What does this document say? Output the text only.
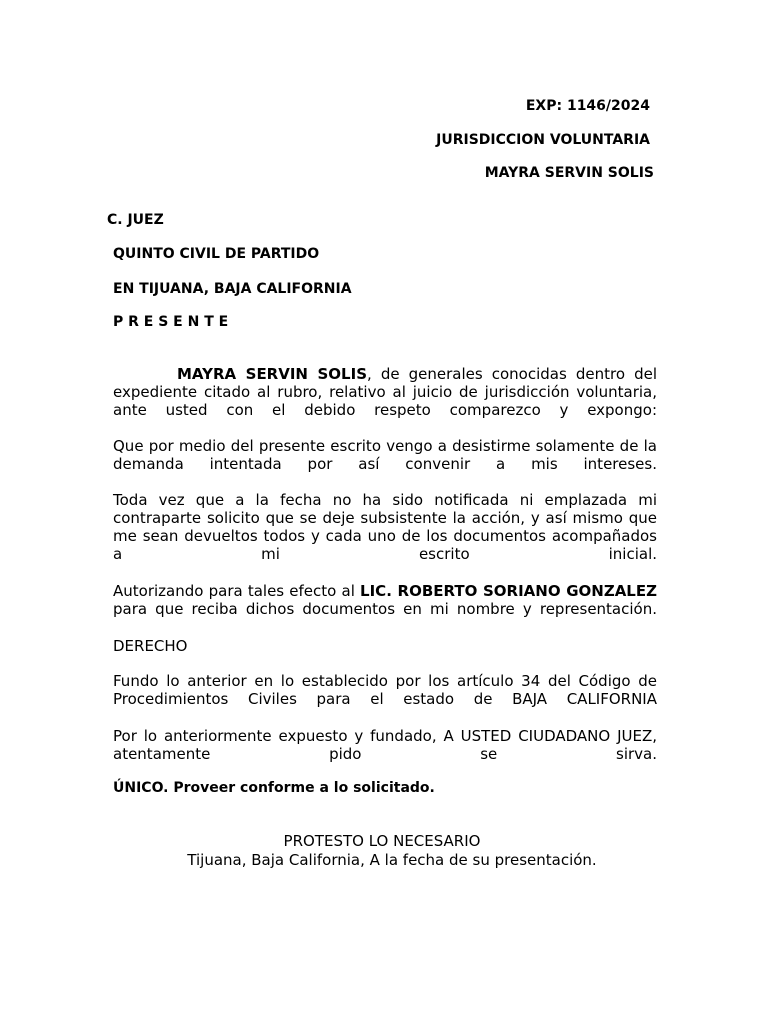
EXP: 1146/2024
JURISDICCION VOLUNTARIA
MAYRA SERVIN SOLIS
C. JUEZ
QUINTO CIVIL DE PARTIDO
EN TIJUANA, BAJA CALIFORNIA
P R E S E N T E

MAYRA SERVIN SOLIS, de generales conocidas dentro del expediente citado al rubro, relativo al juicio de jurisdicción voluntaria, ante usted con el debido respeto comparezco y expongo:

Que por medio del presente escrito vengo a desistirme solamente de la demanda intentada por así convenir a mis intereses.

Toda vez que a la fecha no ha sido notificada ni emplazada mi contraparte solicito que se deje subsistente la acción, y así mismo que me sean devueltos todos y cada uno de los documentos acompañados a mi escrito inicial.

Autorizando para tales efecto al LIC. ROBERTO SORIANO GONZALEZ para que reciba dichos documentos en mi nombre y representación.

DERECHO

Fundo lo anterior en lo establecido por los artículo 34 del Código de Procedimientos Civiles para el estado de BAJA CALIFORNIA

Por lo anteriormente expuesto y fundado, A USTED CIUDADANO JUEZ, atentamente pido se sirva.

ÚNICO. Proveer conforme a lo solicitado.
PROTESTO LO NECESARIO
Tijuana, Baja California, A la fecha de su presentación.
